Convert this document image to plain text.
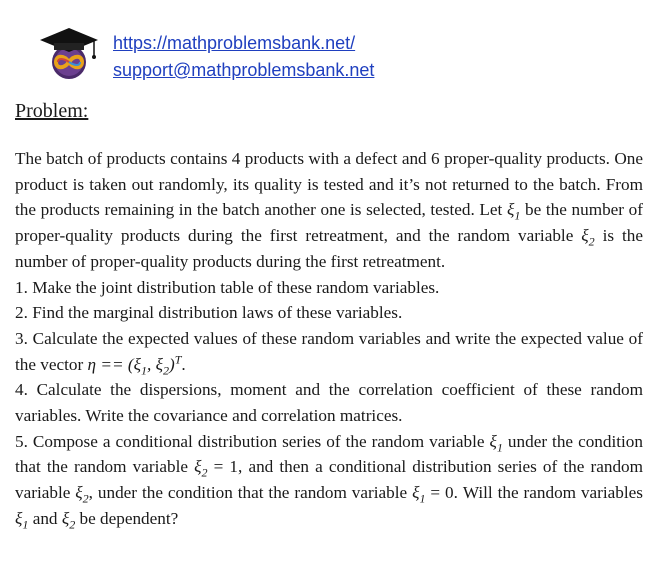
https://mathproblemsbank.net/
support@mathproblemsbank.net
Problem:

The batch of products contains 4 products with a defect and 6 proper-quality products. One product is taken out randomly, its quality is tested and it’s not returned to the batch. From the products remaining in the batch another one is selected, tested. Let $\xi_1$ be the number of proper-quality products during the first retreatment, and the random variable $\xi_2$ is the number of proper-quality products during the first retreatment.

1. Make the joint distribution table of these random variables.

2. Find the marginal distribution laws of these variables.

3. Calculate the expected values of these random variables and write the expected value of the vector $\eta == (\xi_1$, $\xi_2)^T$.

4. Calculate the dispersions, moment and the correlation coefficient of these random variables. Write the covariance and correlation matrices.

5. Compose a conditional distribution series of the random variable $\xi_1$ under the condition that the random variable $\xi_2 = 1$, and then a conditional distribution series of the random variable $\xi_2$, under the condition that the random variable $\xi_1 = 0$. Will the random variables $\xi_1$ and $\xi_2$ be dependent?
